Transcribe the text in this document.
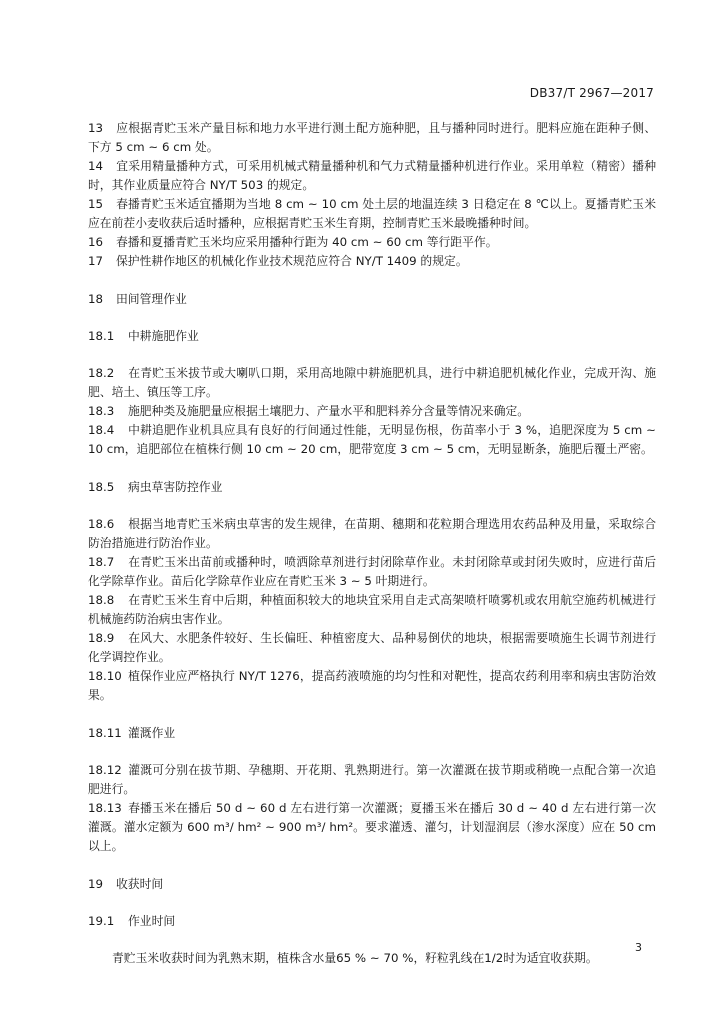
DB37/T 2967—2017

13 应根据青贮玉米产量目标和地力水平进行测土配方施种肥，且与播种同时进行。肥料应施在距种子侧、下方 5 cm ~ 6 cm 处。

14 宜采用精量播种方式，可采用机械式精量播种机和气力式精量播种机进行作业。采用单粒（精密）播种时，其作业质量应符合 NY/T 503 的规定。

15 春播青贮玉米适宜播期为当地 8 cm ~ 10 cm 处土层的地温连续 3 日稳定在 8 ℃以上。夏播青贮玉米应在前茬小麦收获后适时播种，应根据青贮玉米生育期，控制青贮玉米最晚播种时间。

16 春播和夏播青贮玉米均应采用播种行距为 40 cm ~ 60 cm 等行距平作。

17 保护性耕作地区的机械化作业技术规范应符合 NY/T 1409 的规定。

18 田间管理作业

18.1 中耕施肥作业

18.2 在青贮玉米拔节或大喇叭口期，采用高地隙中耕施肥机具，进行中耕追肥机械化作业，完成开沟、施肥、培土、镇压等工序。

18.3 施肥种类及施肥量应根据土壤肥力、产量水平和肥料养分含量等情况来确定。

18.4 中耕追肥作业机具应具有良好的行间通过性能，无明显伤根，伤苗率小于 3 %，追肥深度为 5 cm ~ 10 cm，追肥部位在植株行侧 10 cm ~ 20 cm，肥带宽度 3 cm ~ 5 cm，无明显断条，施肥后覆土严密。

18.5 病虫草害防控作业

18.6 根据当地青贮玉米病虫草害的发生规律，在苗期、穗期和花粒期合理选用农药品种及用量，采取综合防治措施进行防治作业。

18.7 在青贮玉米出苗前或播种时，喷洒除草剂进行封闭除草作业。未封闭除草或封闭失败时，应进行苗后化学除草作业。苗后化学除草作业应在青贮玉米 3 ~ 5 叶期进行。

18.8 在青贮玉米生育中后期，种植面积较大的地块宜采用自走式高架喷杆喷雾机或农用航空施药机械进行机械施药防治病虫害作业。

18.9 在风大、水肥条件较好、生长偏旺、种植密度大、品种易倒伏的地块，根据需要喷施生长调节剂进行化学调控作业。

18.10 植保作业应严格执行 NY/T 1276，提高药液喷施的均匀性和对靶性，提高农药利用率和病虫害防治效果。

18.11 灌溉作业

18.12 灌溉可分别在拔节期、孕穗期、开花期、乳熟期进行。第一次灌溉在拔节期或稍晚一点配合第一次追肥进行。

18.13 春播玉米在播后 50 d ~ 60 d 左右进行第一次灌溉；夏播玉米在播后 30 d ~ 40 d 左右进行第一次灌溉。灌水定额为 600 m³/ hm² ~ 900 m³/ hm²。要求灌透、灌匀，计划湿润层（渗水深度）应在 50 cm 以上。

19 收获时间

19.1 作业时间

青贮玉米收获时间为乳熟末期，植株含水量65 % ~ 70 %，籽粒乳线在1/2时为适宜收获期。

3
